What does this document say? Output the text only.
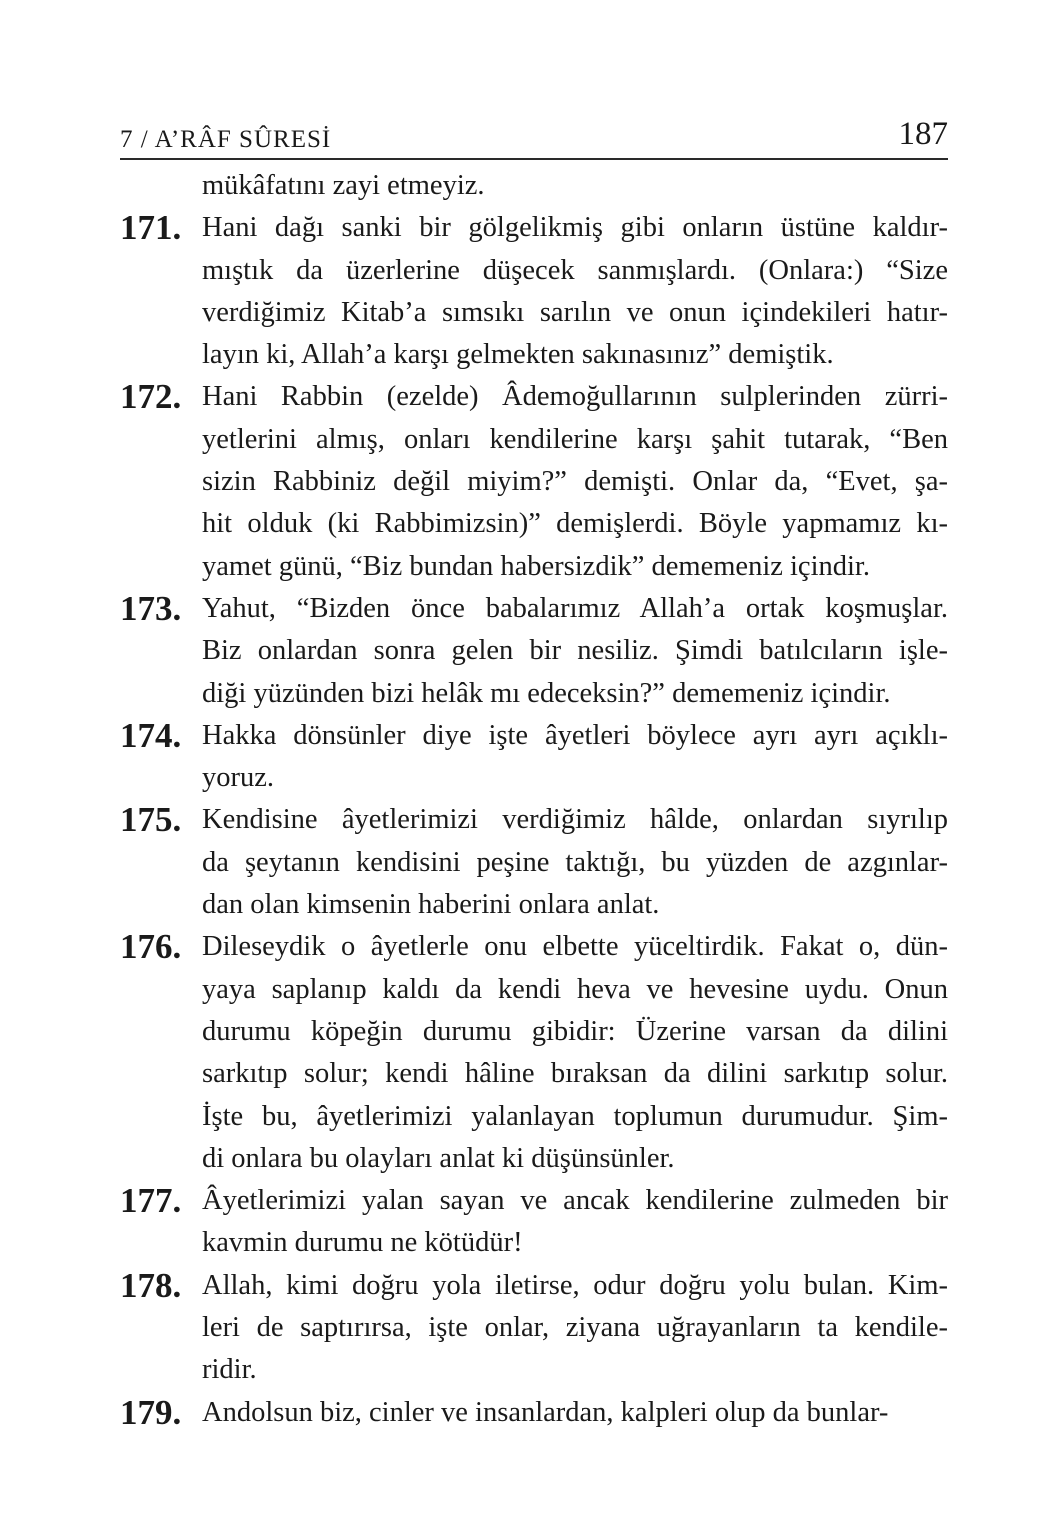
7 / A’RÂF SÛRESİ	187

mükâfatını zayi etmeyiz.

171. Hani dağı sanki bir gölgelikmiş gibi onların üstüne kaldır-
mıştık da üzerlerine düşecek sanmışlardı. (Onlara:) “Size
verdiğimiz Kitab’a sımsıkı sarılın ve onun içindekileri hatır-
layın ki, Allah’a karşı gelmekten sakınasınız” demiştik.
172. Hani Rabbin (ezelde) Âdemoğullarının sulplerinden zürri-
yetlerini almış, onları kendilerine karşı şahit tutarak, “Ben
sizin Rabbiniz değil miyim?” demişti. Onlar da, “Evet, şa-
hit olduk (ki Rabbimizsin)” demişlerdi. Böyle yapmamız kı-
yamet günü, “Biz bundan habersizdik” dememeniz içindir.
173. Yahut, “Bizden önce babalarımız Allah’a ortak koşmuşlar.
Biz onlardan sonra gelen bir nesiliz. Şimdi batılcıların işle-
diği yüzünden bizi helâk mı edeceksin?” dememeniz içindir.
174. Hakka dönsünler diye işte âyetleri böylece ayrı ayrı açıklı-
yoruz.
175. Kendisine âyetlerimizi verdiğimiz hâlde, onlardan sıyrılıp
da şeytanın kendisini peşine taktığı, bu yüzden de azgınlar-
dan olan kimsenin haberini onlara anlat.
176. Dileseydik o âyetlerle onu elbette yüceltirdik. Fakat o, dün-
yaya saplanıp kaldı da kendi heva ve hevesine uydu. Onun
durumu köpeğin durumu gibidir: Üzerine varsan da dilini
sarkıtıp solur; kendi hâline bıraksan da dilini sarkıtıp solur.
İşte bu, âyetlerimizi yalanlayan toplumun durumudur. Şim-
di onlara bu olayları anlat ki düşünsünler.
177. Âyetlerimizi yalan sayan ve ancak kendilerine zulmeden bir
kavmin durumu ne kötüdür!
178. Allah, kimi doğru yola iletirse, odur doğru yolu bulan. Kim-
leri de saptırırsa, işte onlar, ziyana uğrayanların ta kendile-
ridir.
179. Andolsun biz, cinler ve insanlardan, kalpleri olup da bunlar-
